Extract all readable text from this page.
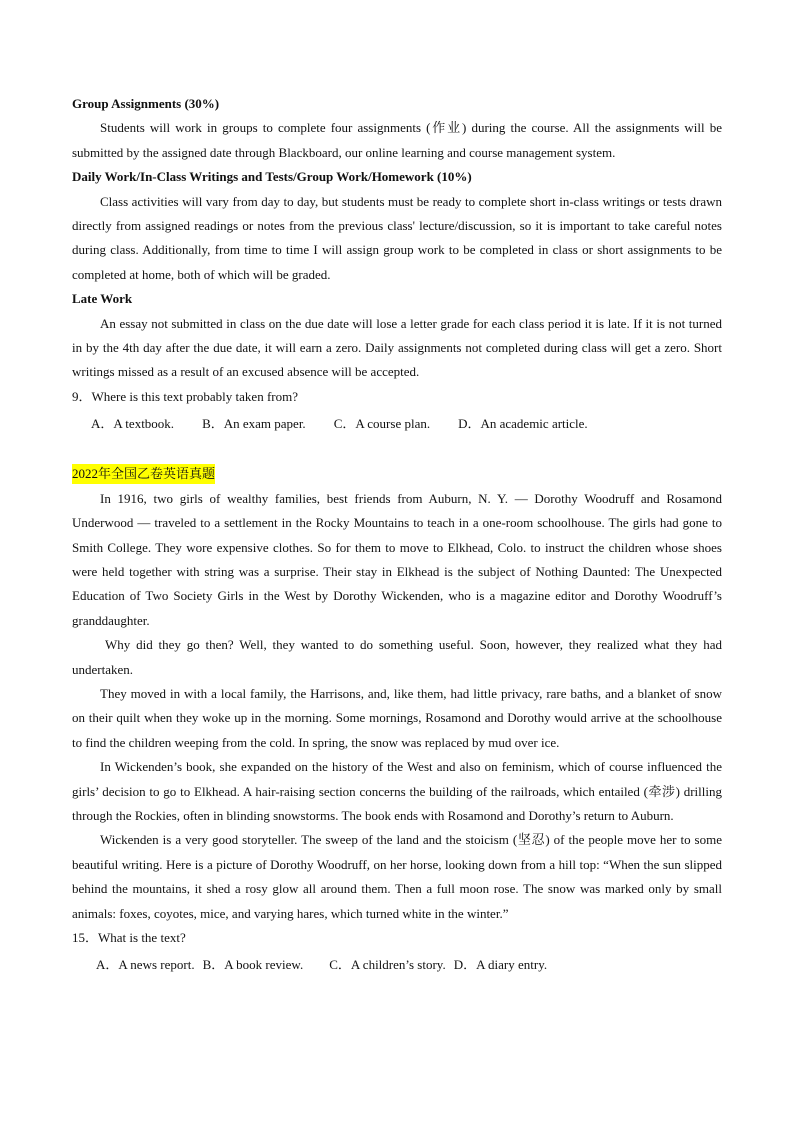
Group Assignments (30%)

Students will work in groups to complete four assignments (作业) during the course. All the assignments will be submitted by the assigned date through Blackboard, our online learning and course management system.

Daily Work/In-Class Writings and Tests/Group Work/Homework (10%)

Class activities will vary from day to day, but students must be ready to complete short in-class writings or tests drawn directly from assigned readings or notes from the previous class' lecture/discussion, so it is important to take careful notes during class. Additionally, from time to time I will assign group work to be completed in class or short assignments to be completed at home, both of which will be graded.

Late Work

An essay not submitted in class on the due date will lose a letter grade for each class period it is late. If it is not turned in by the 4th day after the due date, it will earn a zero. Daily assignments not completed during class will get a zero. Short writings missed as a result of an excused absence will be accepted.

9．Where is this text probably taken from?

A．A textbook. B．An exam paper. C．A course plan. D．An academic article.
2022年全国乙卷英语真题

In 1916, two girls of wealthy families, best friends from Auburn, N. Y. — Dorothy Woodruff and Rosamond Underwood — traveled to a settlement in the Rocky Mountains to teach in a one-room schoolhouse. The girls had gone to Smith College. They wore expensive clothes. So for them to move to Elkhead, Colo. to instruct the children whose shoes were held together with string was a surprise. Their stay in Elkhead is the subject of Nothing Daunted: The Unexpected Education of Two Society Girls in the West by Dorothy Wickenden, who is a magazine editor and Dorothy Woodruff’s granddaughter.

Why did they go then? Well, they wanted to do something useful. Soon, however, they realized what they had undertaken.

They moved in with a local family, the Harrisons, and, like them, had little privacy, rare baths, and a blanket of snow on their quilt when they woke up in the morning. Some mornings, Rosamond and Dorothy would arrive at the schoolhouse to find the children weeping from the cold. In spring, the snow was replaced by mud over ice.

In Wickenden’s book, she expanded on the history of the West and also on feminism, which of course influenced the girls’ decision to go to Elkhead. A hair-raising section concerns the building of the railroads, which entailed (牵涉) drilling through the Rockies, often in blinding snowstorms. The book ends with Rosamond and Dorothy’s return to Auburn.

Wickenden is a very good storyteller. The sweep of the land and the stoicism (坚忍) of the people move her to some beautiful writing. Here is a picture of Dorothy Woodruff, on her horse, looking down from a hill top: “When the sun slipped behind the mountains, it shed a rosy glow all around them. Then a full moon rose. The snow was marked only by small animals: foxes, coyotes, mice, and varying hares, which turned white in the winter.”

15．What is the text?

A．A news report. B．A book review. C．A children’s story. D．A diary entry.
